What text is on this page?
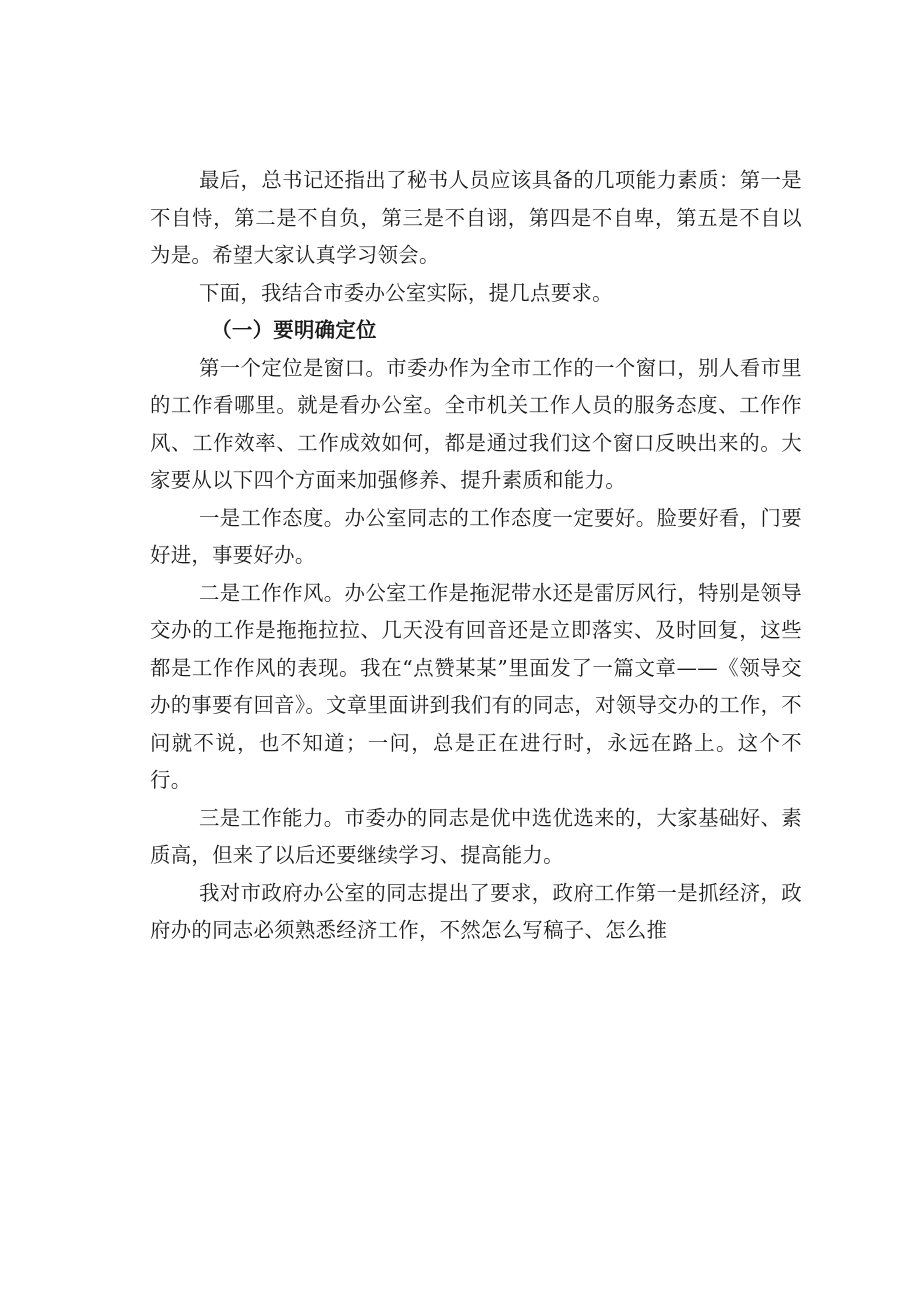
最后，总书记还指出了秘书人员应该具备的几项能力素质：第一是不自恃，第二是不自负，第三是不自诩，第四是不自卑，第五是不自以为是。希望大家认真学习领会。

下面，我结合市委办公室实际，提几点要求。

（一）要明确定位

第一个定位是窗口。市委办作为全市工作的一个窗口，别人看市里的工作看哪里。就是看办公室。全市机关工作人员的服务态度、工作作风、工作效率、工作成效如何，都是通过我们这个窗口反映出来的。大家要从以下四个方面来加强修养、提升素质和能力。

一是工作态度。办公室同志的工作态度一定要好。脸要好看，门要好进，事要好办。

二是工作作风。办公室工作是拖泥带水还是雷厉风行，特别是领导交办的工作是拖拖拉拉、几天没有回音还是立即落实、及时回复，这些都是工作作风的表现。我在“点赞某某”里面发了一篇文章——《领导交办的事要有回音》。文章里面讲到我们有的同志，对领导交办的工作，不问就不说，也不知道；一问，总是正在进行时，永远在路上。这个不行。

三是工作能力。市委办的同志是优中选优选来的，大家基础好、素质高，但来了以后还要继续学习、提高能力。

我对市政府办公室的同志提出了要求，政府工作第一是抓经济，政府办的同志必须熟悉经济工作，不然怎么写稿子、怎么推
